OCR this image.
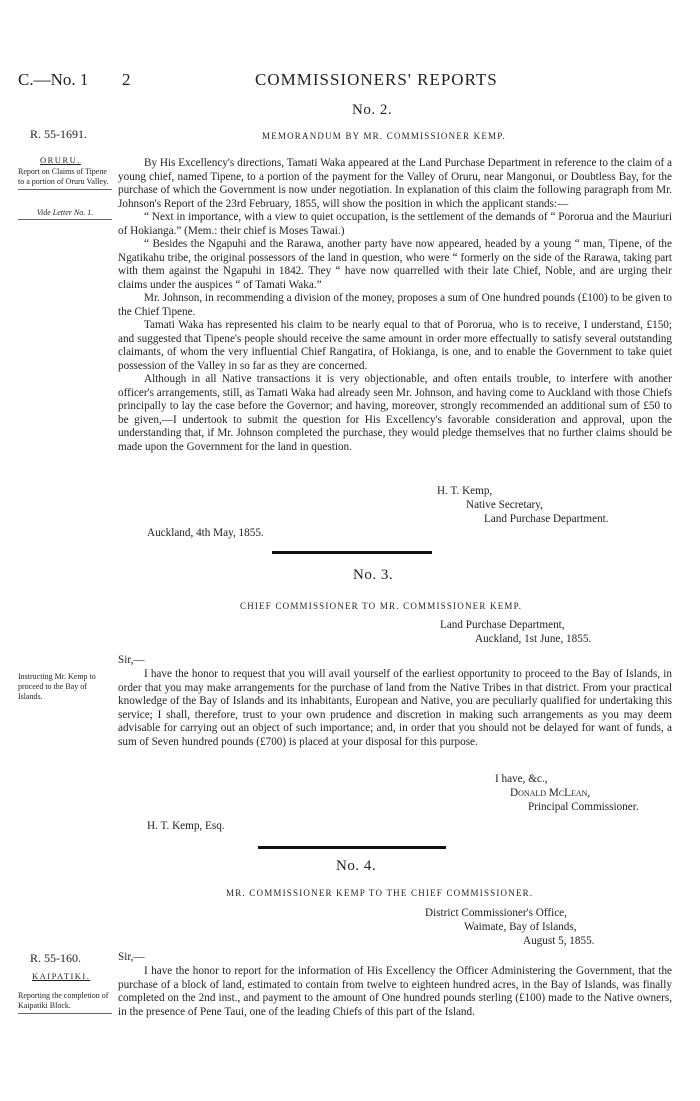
C.—No. 1 2	COMMISSIONERS' REPORTS
No. 2.
R. 55-1691.	MEMORANDUM BY MR. COMMISSIONER KEMP.
ORURU.
Report on Claims of Tipene to a portion of Oruru Valley.
Vide Letter No. 1.

By His Excellency's directions, Tamati Waka appeared at the Land Purchase Department in reference to the claim of a young chief, named Tipene, to a portion of the payment for the Valley of Oruru, near Mangonui, or Doubtless Bay, for the purchase of which the Government is now under negotiation. In explanation of this claim the following paragraph from Mr. Johnson's Report of the 23rd February, 1855, will show the position in which the applicant stands:—

“ Next in importance, with a view to quiet occupation, is the settlement of the demands of “ Pororua and the Mauriuri of Hokianga.” (Mem.: their chief is Moses Tawai.)

“ Besides the Ngapuhi and the Rarawa, another party have now appeared, headed by a young “ man, Tipene, of the Ngatikahu tribe, the original possessors of the land in question, who were “ formerly on the side of the Rarawa, taking part with them against the Ngapuhi in 1842. They “ have now quarrelled with their late Chief, Noble, and are urging their claims under the auspices “ of Tamati Waka.”

Mr. Johnson, in recommending a division of the money, proposes a sum of One hundred pounds (£100) to be given to the Chief Tipene.

Tamati Waka has represented his claim to be nearly equal to that of Pororua, who is to receive, I understand, £150; and suggested that Tipene's people should receive the same amount in order more effectually to satisfy several outstanding claimants, of whom the very influential Chief Rangatira, of Hokianga, is one, and to enable the Government to take quiet possession of the Valley in so far as they are concerned.

Although in all Native transactions it is very objectionable, and often entails trouble, to interfere with another officer's arrangements, still, as Tamati Waka had already seen Mr. Johnson, and having come to Auckland with those Chiefs principally to lay the case before the Governor; and having, moreover, strongly recommended an additional sum of £50 to be given,—I undertook to submit the question for His Excellency's favorable consideration and approval, upon the understanding that, if Mr. Johnson completed the purchase, they would pledge themselves that no further claims should be made upon the Government for the land in question.

H. T. Kemp,
Native Secretary,
Land Purchase Department.
Auckland, 4th May, 1855.
No. 3.
CHIEF COMMISSIONER TO MR. COMMISSIONER KEMP.
Land Purchase Department,
Auckland, 1st June, 1855.
Sir,—
Instructing Mr. Kemp to proceed to the Bay of Islands.

I have the honor to request that you will avail yourself of the earliest opportunity to proceed to the Bay of Islands, in order that you may make arrangements for the purchase of land from the Native Tribes in that district. From your practical knowledge of the Bay of Islands and its inhabitants, European and Native, you are peculiarly qualified for undertaking this service; I shall, therefore, trust to your own prudence and discretion in making such arrangements as you may deem advisable for carrying out an object of such importance; and, in order that you should not be delayed for want of funds, a sum of Seven hundred pounds (£700) is placed at your disposal for this purpose.

I have, &c.,
Donald McLean,
Principal Commissioner.
H. T. Kemp, Esq.
No. 4.
MR. COMMISSIONER KEMP TO THE CHIEF COMMISSIONER.
District Commissioner's Office,
Waimate, Bay of Islands,
August 5, 1855.
R. 55-160.	Sir,—
KAIPATIKI.
Reporting the completion of Kaipatiki Block.

I have the honor to report for the information of His Excellency the Officer Administering the Government, that the purchase of a block of land, estimated to contain from twelve to eighteen hundred acres, in the Bay of Islands, was finally completed on the 2nd inst., and payment to the amount of One hundred pounds sterling (£100) made to the Native owners, in the presence of Pene Taui, one of the leading Chiefs of this part of the Island.
